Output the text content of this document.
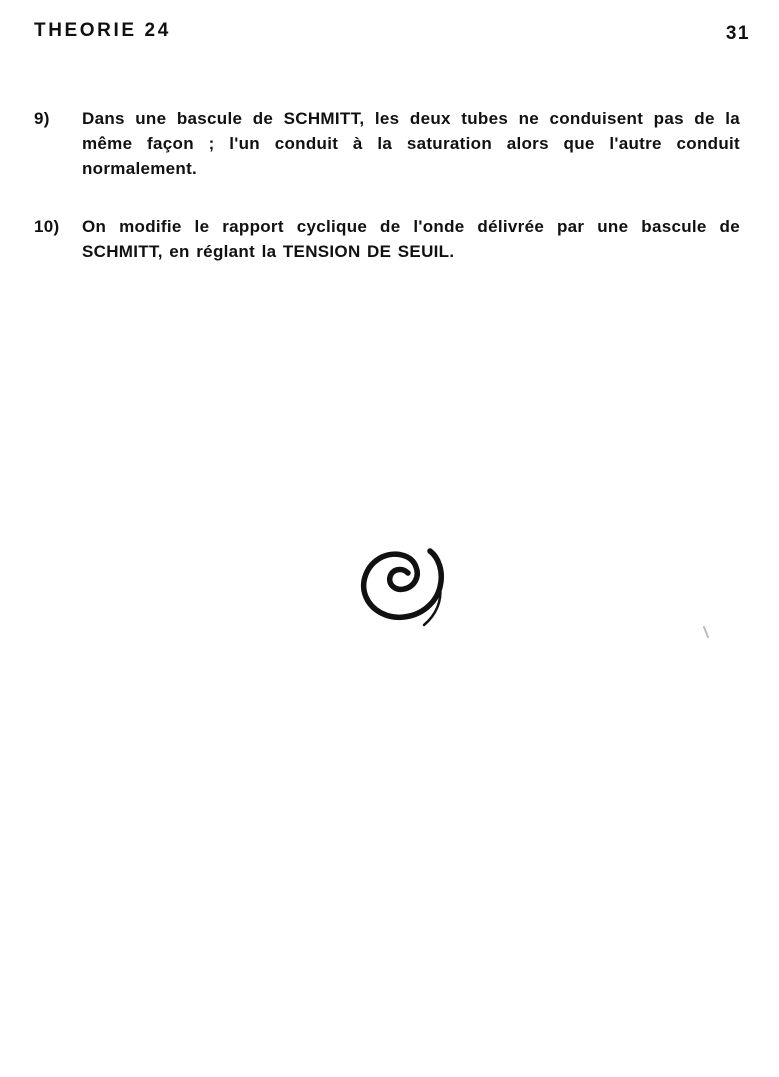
THEORIE 24	31
9)	Dans une bascule de SCHMITT, les deux tubes ne conduisent pas de la même façon ; l'un conduit à la saturation alors que l'autre conduit normalement.
10)	On modifie le rapport cyclique de l'onde délivrée par une bascule de SCHMITT, en réglant la TENSION DE SEUIL.
